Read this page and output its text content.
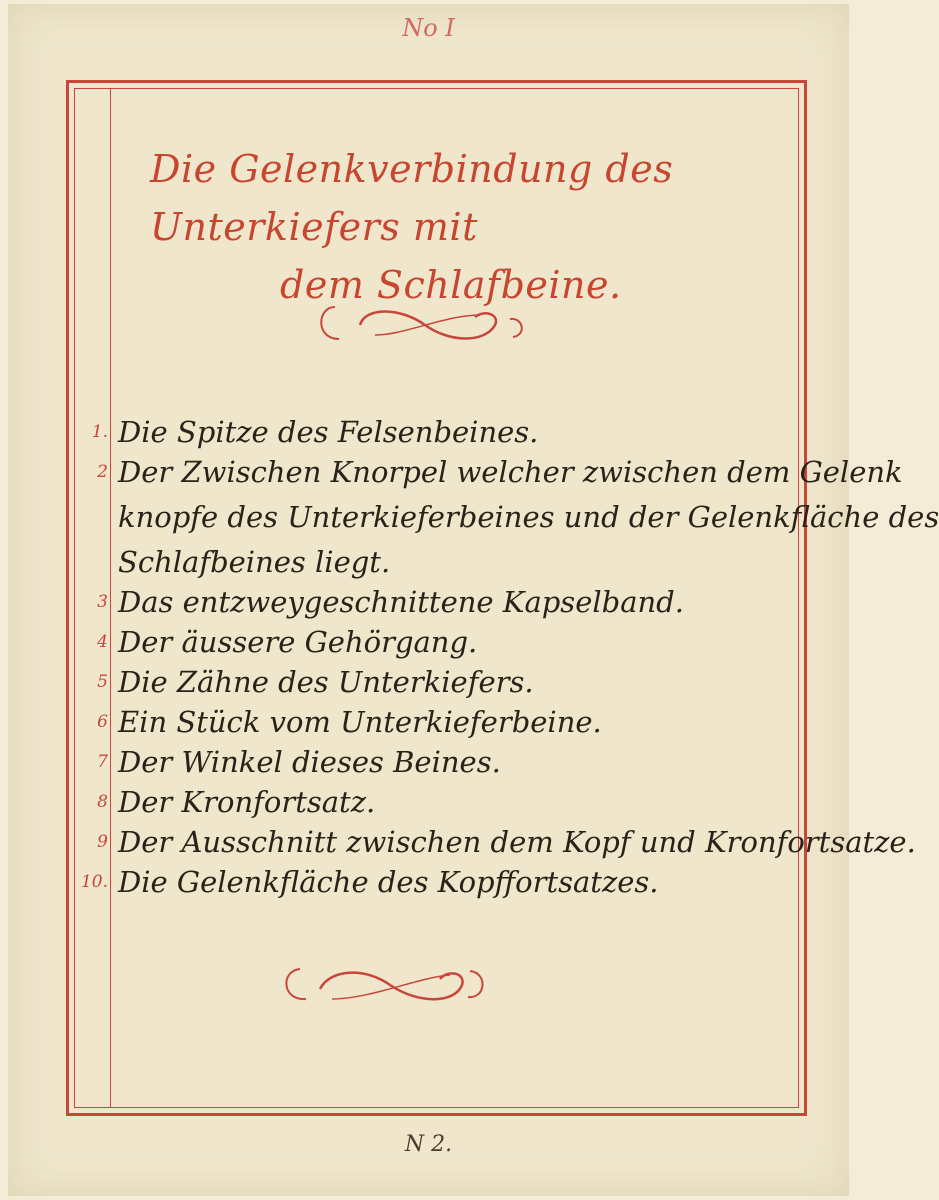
No I
Die Gelenkverbindung des Unterkiefers mit
dem Schlafbeine.
1. Die Spitze des Felsenbeines.
2 Der Zwischen Knorpel welcher zwischen dem Gelenk
knopfe des Unterkieferbeines und der Gelenkfläche des
Schlafbeines liegt.
3 Das entzweygeschnittene Kapselband.
4 Der äussere Gehörgang.
5 Die Zähne des Unterkiefers.
6 Ein Stück vom Unterkieferbeine.
7 Der Winkel dieses Beines.
8 Der Kronfortsatz.
9 Der Ausschnitt zwischen dem Kopf und Kronfortsatze.
10. Die Gelenkfläche des Kopffortsatzes.
N 2.
